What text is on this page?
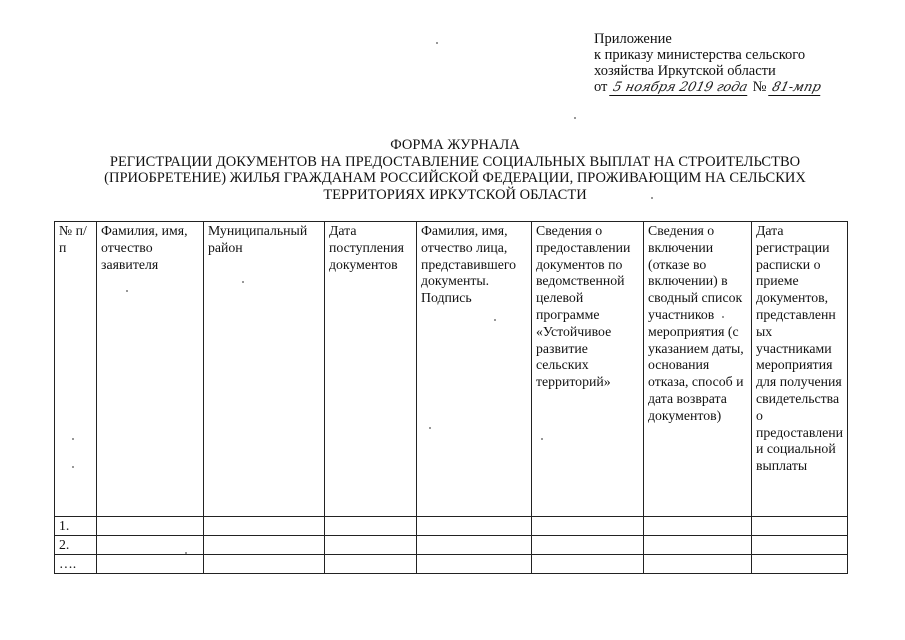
Приложение
к приказу министерства сельского
хозяйства Иркутской области
от 5 ноября 2019 года № 81-мпр
ФОРМА ЖУРНАЛА
РЕГИСТРАЦИИ ДОКУМЕНТОВ НА ПРЕДОСТАВЛЕНИЕ СОЦИАЛЬНЫХ ВЫПЛАТ НА СТРОИТЕЛЬСТВО
(ПРИОБРЕТЕНИЕ) ЖИЛЬЯ ГРАЖДАНАМ РОССИЙСКОЙ ФЕДЕРАЦИИ, ПРОЖИВАЮЩИМ НА СЕЛЬСКИХ
ТЕРРИТОРИЯХ ИРКУТСКОЙ ОБЛАСТИ
№ п/п	Фамилия, имя, отчество заявителя	Муниципальный район	Дата поступления документов	Фамилия, имя, отчество лица, представившего документы. Подпись	Сведения о предоставлении документов по ведомственной целевой программе «Устойчивое развитие сельских территорий»	Сведения о включении (отказе во включении) в сводный список участников мероприятия (с указанием даты, основания отказа, способ и дата возврата документов)	Дата регистрации расписки о приеме документов, представленных участниками мероприятия для получения свидетельства о предоставлении социальной выплаты
1.							
2.							
….							
